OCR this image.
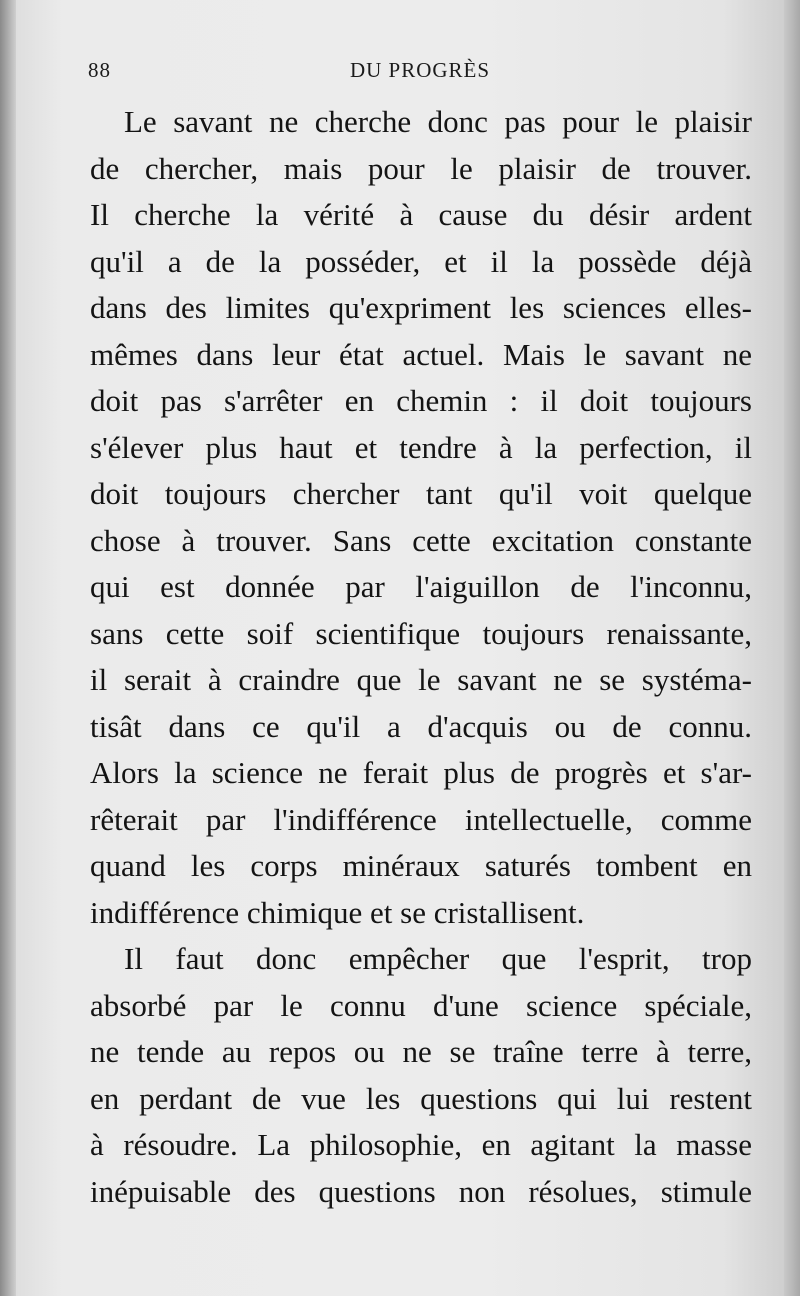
88	DU PROGRÈS
Le savant ne cherche donc pas pour le plaisir
de chercher, mais pour le plaisir de trouver.
Il cherche la vérité à cause du désir ardent
qu'il a de la posséder, et il la possède déjà
dans des limites qu'expriment les sciences elles-
mêmes dans leur état actuel. Mais le savant ne
doit pas s'arrêter en chemin : il doit toujours
s'élever plus haut et tendre à la perfection, il
doit toujours chercher tant qu'il voit quelque
chose à trouver. Sans cette excitation constante
qui est donnée par l'aiguillon de l'inconnu,
sans cette soif scientifique toujours renaissante,
il serait à craindre que le savant ne se systéma-
tisât dans ce qu'il a d'acquis ou de connu.
Alors la science ne ferait plus de progrès et s'ar-
rêterait par l'indifférence intellectuelle, comme
quand les corps minéraux saturés tombent en
indifférence chimique et se cristallisent.
Il faut donc empêcher que l'esprit, trop
absorbé par le connu d'une science spéciale,
ne tende au repos ou ne se traîne terre à terre,
en perdant de vue les questions qui lui restent
à résoudre. La philosophie, en agitant la masse
inépuisable des questions non résolues, stimule
